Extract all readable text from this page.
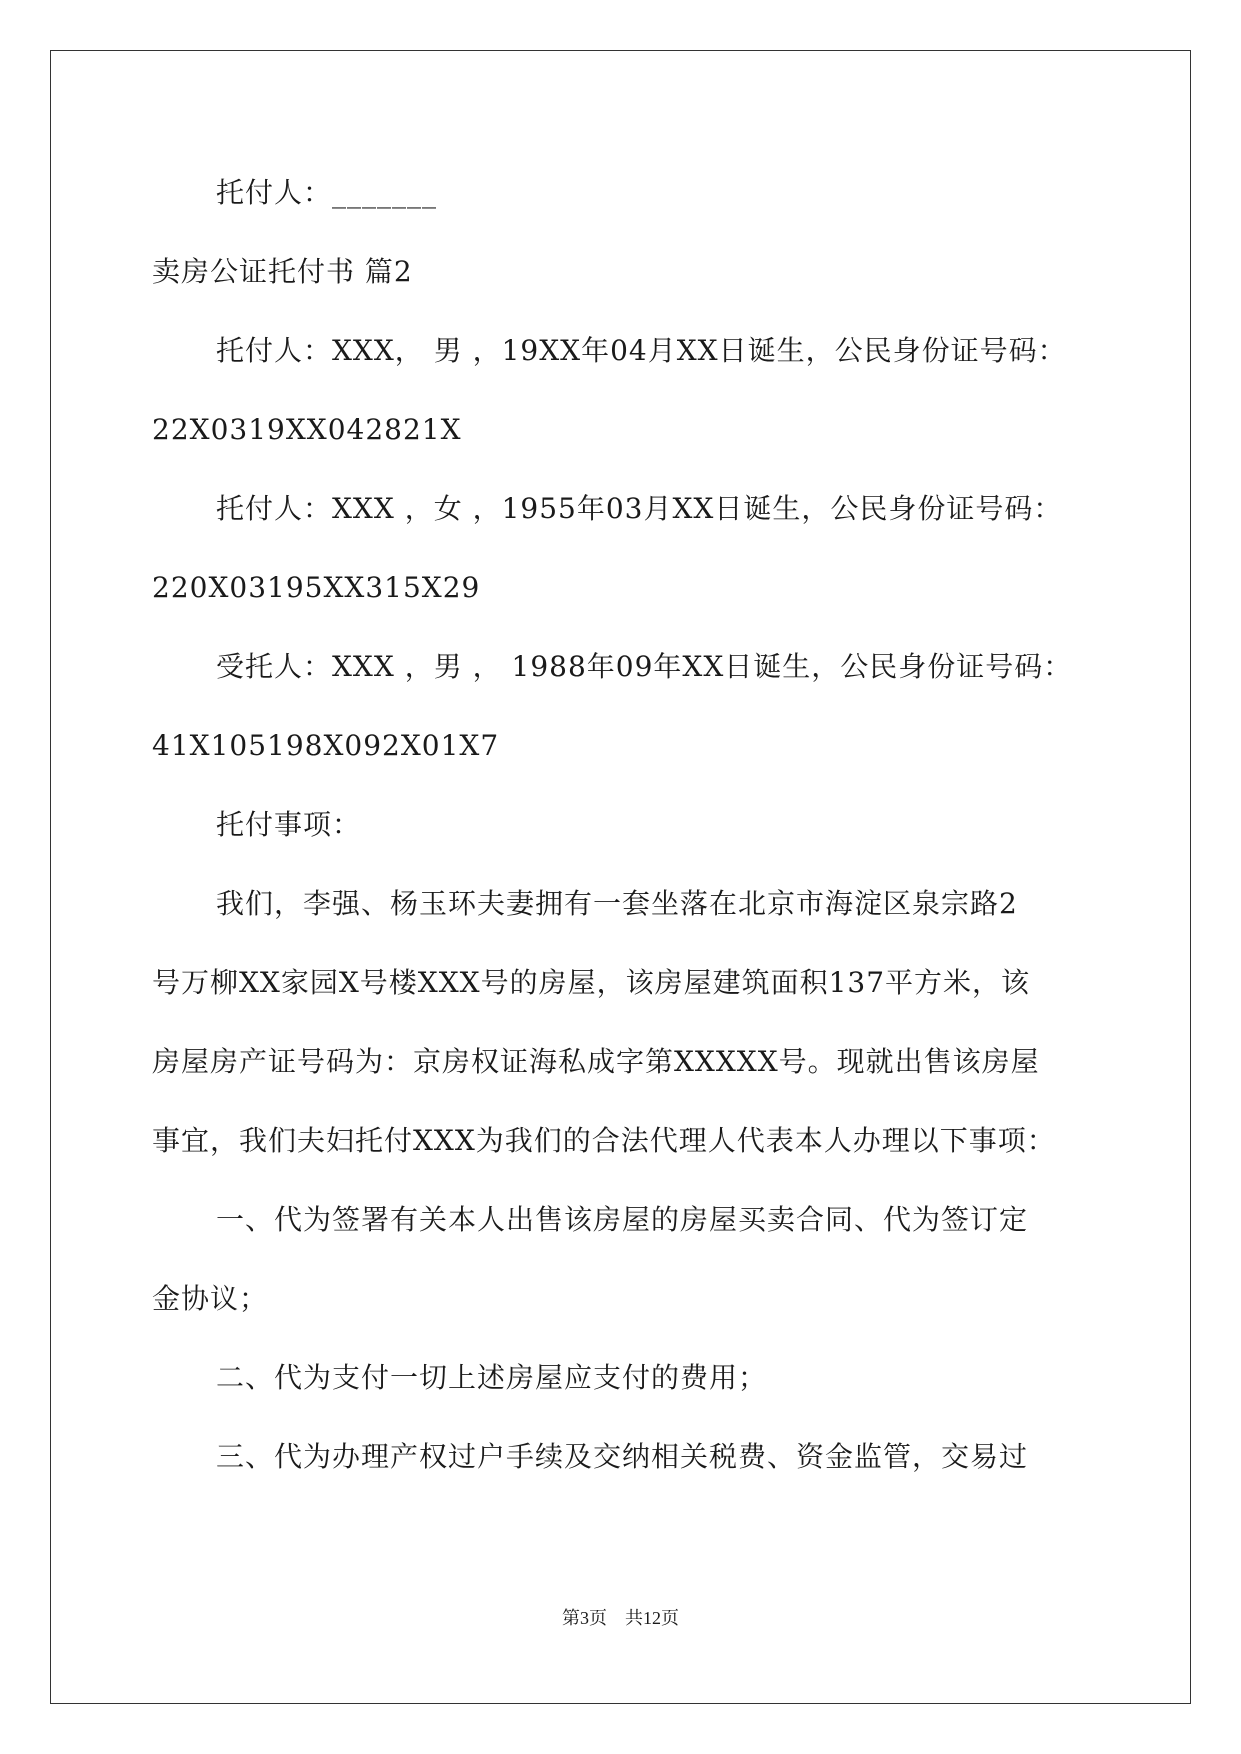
托付人：_______
卖房公证托付书 篇2
托付人：XXX， 男 ，19XX年04月XX日诞生，公民身份证号码：
22X0319XX042821X
托付人：XXX ，女 ，1955年03月XX日诞生，公民身份证号码：
220X03195XX315X29
受托人：XXX ，男 ， 1988年09年XX日诞生，公民身份证号码：
41X105198X092X01X7
托付事项：
我们，李强、杨玉环夫妻拥有一套坐落在北京市海淀区泉宗路2
号万柳XX家园X号楼XXX号的房屋，该房屋建筑面积137平方米，该
房屋房产证号码为：京房权证海私成字第XXXXX号。现就出售该房屋
事宜，我们夫妇托付XXX为我们的合法代理人代表本人办理以下事项：
一、代为签署有关本人出售该房屋的房屋买卖合同、代为签订定
金协议；
二、代为支付一切上述房屋应支付的费用；
三、代为办理产权过户手续及交纳相关税费、资金监管，交易过
第3页　共12页
